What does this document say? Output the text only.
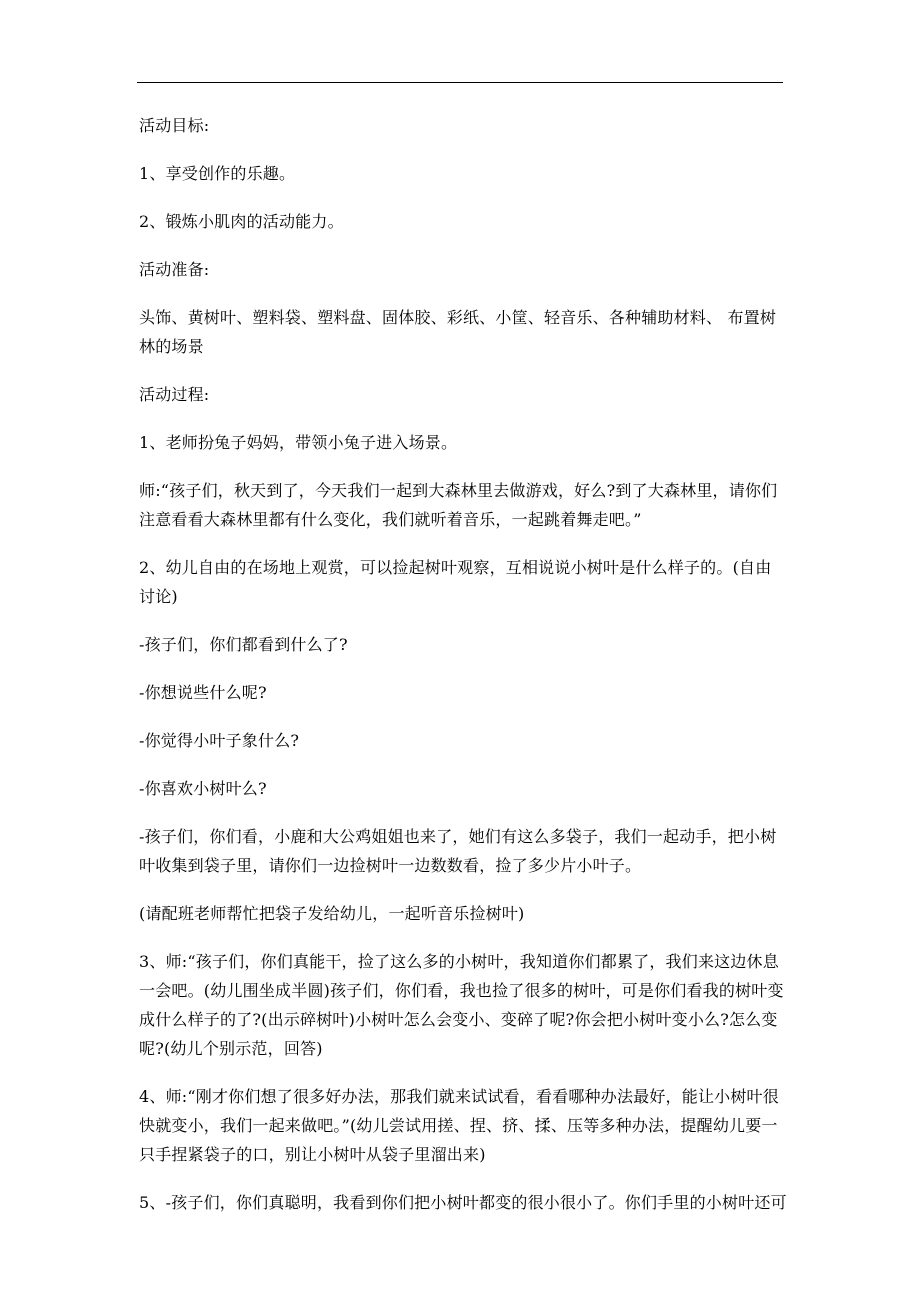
活动目标:

1、享受创作的乐趣。

2、锻炼小肌肉的活动能力。

活动准备:

头饰、黄树叶、塑料袋、塑料盘、固体胶、彩纸、小筐、轻音乐、各种辅助材料、 布置树林的场景

活动过程:

1、老师扮兔子妈妈，带领小兔子进入场景。

师:“孩子们，秋天到了，今天我们一起到大森林里去做游戏，好么?到了大森林里，请你们注意看看大森林里都有什么变化，我们就听着音乐，一起跳着舞走吧。”

2、幼儿自由的在场地上观赏，可以捡起树叶观察，互相说说小树叶是什么样子的。(自由讨论)

-孩子们，你们都看到什么了?

-你想说些什么呢?

-你觉得小叶子象什么?

-你喜欢小树叶么?

-孩子们，你们看，小鹿和大公鸡姐姐也来了，她们有这么多袋子，我们一起动手，把小树叶收集到袋子里，请你们一边捡树叶一边数数看，捡了多少片小叶子。

(请配班老师帮忙把袋子发给幼儿，一起听音乐捡树叶)

3、师:“孩子们，你们真能干，捡了这么多的小树叶，我知道你们都累了，我们来这边休息一会吧。(幼儿围坐成半圆)孩子们，你们看，我也捡了很多的树叶，可是你们看我的树叶变成什么样子的了?(出示碎树叶)小树叶怎么会变小、变碎了呢?你会把小树叶变小么?怎么变呢?(幼儿个别示范，回答)

4、师:“刚才你们想了很多好办法，那我们就来试试看，看看哪种办法最好，能让小树叶很快就变小，我们一起来做吧。”(幼儿尝试用搓、捏、挤、揉、压等多种办法，提醒幼儿要一只手捏紧袋子的口，别让小树叶从袋子里溜出来)

5、-孩子们，你们真聪明，我看到你们把小树叶都变的很小很小了。你们手里的小树叶还可
